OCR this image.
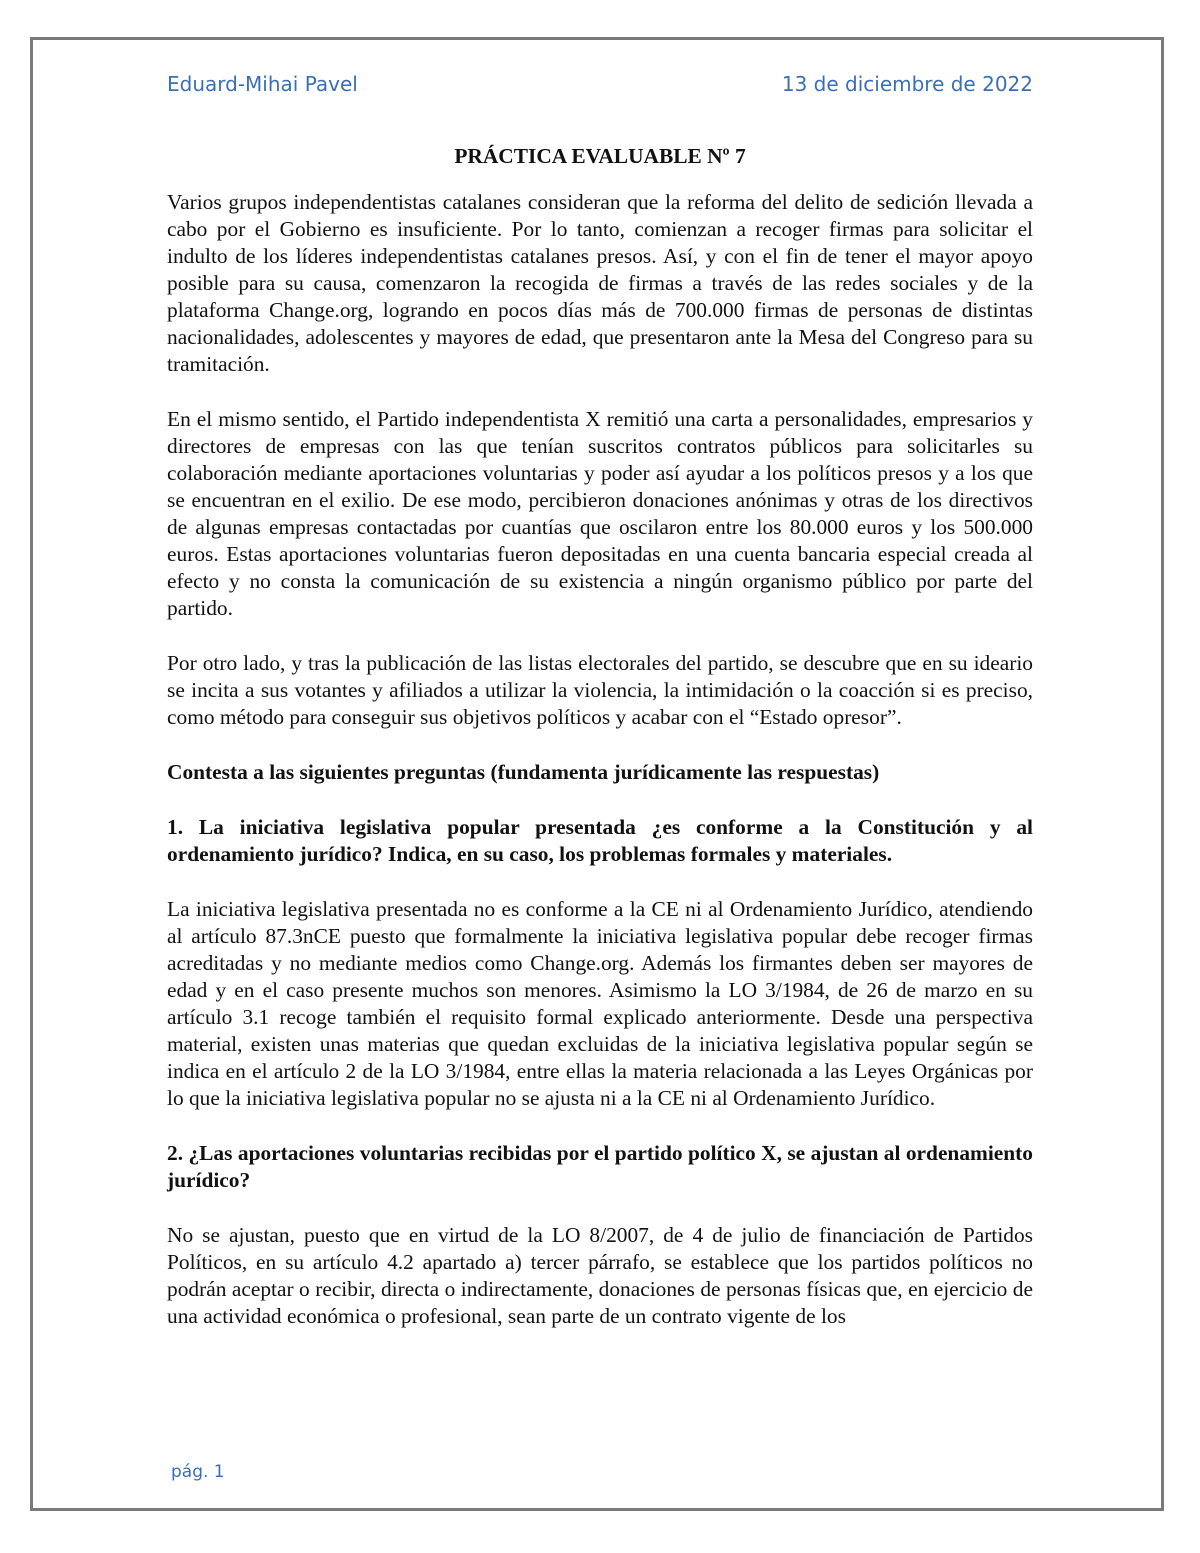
Eduard-Mihai Pavel	13 de diciembre de 2022
PRÁCTICA EVALUABLE Nº 7

Varios grupos independentistas catalanes consideran que la reforma del delito de sedición llevada a cabo por el Gobierno es insuficiente. Por lo tanto, comienzan a recoger firmas para solicitar el indulto de los líderes independentistas catalanes presos. Así, y con el fin de tener el mayor apoyo posible para su causa, comenzaron la recogida de firmas a través de las redes sociales y de la plataforma Change.org, logrando en pocos días más de 700.000 firmas de personas de distintas nacionalidades, adolescentes y mayores de edad, que presentaron ante la Mesa del Congreso para su tramitación.

En el mismo sentido, el Partido independentista X remitió una carta a personalidades, empresarios y directores de empresas con las que tenían suscritos contratos públicos para solicitarles su colaboración mediante aportaciones voluntarias y poder así ayudar a los políticos presos y a los que se encuentran en el exilio. De ese modo, percibieron donaciones anónimas y otras de los directivos de algunas empresas contactadas por cuantías que oscilaron entre los 80.000 euros y los 500.000 euros. Estas aportaciones voluntarias fueron depositadas en una cuenta bancaria especial creada al efecto y no consta la comunicación de su existencia a ningún organismo público por parte del partido.

Por otro lado, y tras la publicación de las listas electorales del partido, se descubre que en su ideario se incita a sus votantes y afiliados a utilizar la violencia, la intimidación o la coacción si es preciso, como método para conseguir sus objetivos políticos y acabar con el “Estado opresor”.

Contesta a las siguientes preguntas (fundamenta jurídicamente las respuestas)

1. La iniciativa legislativa popular presentada ¿es conforme a la Constitución y al ordenamiento jurídico? Indica, en su caso, los problemas formales y materiales.

La iniciativa legislativa presentada no es conforme a la CE ni al Ordenamiento Jurídico, atendiendo al artículo 87.3nCE puesto que formalmente la iniciativa legislativa popular debe recoger firmas acreditadas y no mediante medios como Change.org. Además los firmantes deben ser mayores de edad y en el caso presente muchos son menores. Asimismo la LO 3/1984, de 26 de marzo en su artículo 3.1 recoge también el requisito formal explicado anteriormente. Desde una perspectiva material, existen unas materias que quedan excluidas de la iniciativa legislativa popular según se indica en el artículo 2 de la LO 3/1984, entre ellas la materia relacionada a las Leyes Orgánicas por lo que la iniciativa legislativa popular no se ajusta ni a la CE ni al Ordenamiento Jurídico.

2. ¿Las aportaciones voluntarias recibidas por el partido político X, se ajustan al ordenamiento jurídico?

No se ajustan, puesto que en virtud de la LO 8/2007, de 4 de julio de financiación de Partidos Políticos, en su artículo 4.2 apartado a) tercer párrafo, se establece que los partidos políticos no podrán aceptar o recibir, directa o indirectamente, donaciones de personas físicas que, en ejercicio de una actividad económica o profesional, sean parte de un contrato vigente de los

pág. 1
